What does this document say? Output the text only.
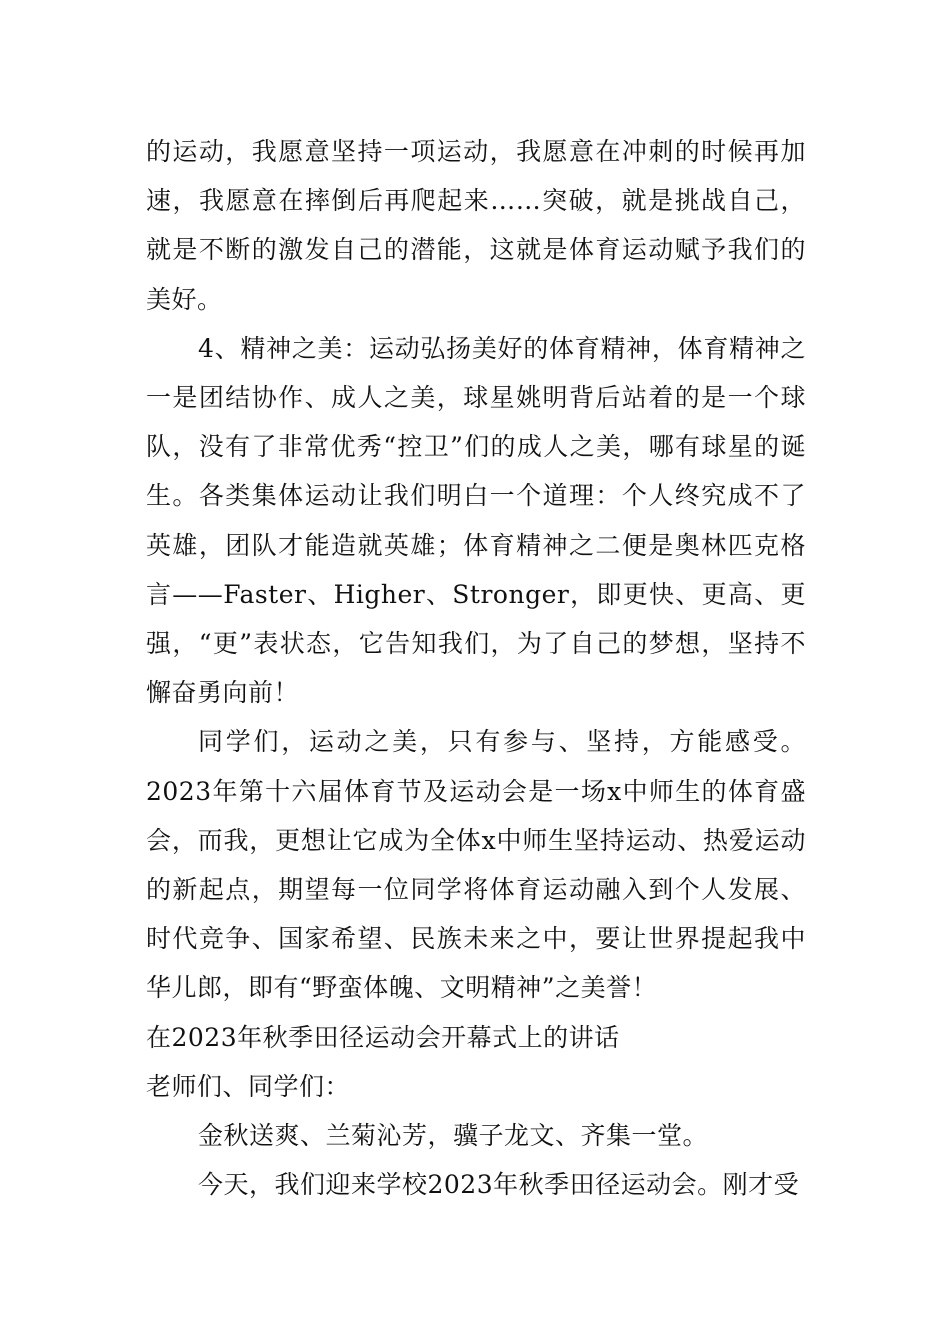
的运动，我愿意坚持一项运动，我愿意在冲刺的时候再加速，我愿意在摔倒后再爬起来……突破，就是挑战自己，就是不断的激发自己的潜能，这就是体育运动赋予我们的美好。

4、精神之美：运动弘扬美好的体育精神，体育精神之一是团结协作、成人之美，球星姚明背后站着的是一个球队，没有了非常优秀“控卫”们的成人之美，哪有球星的诞生。各类集体运动让我们明白一个道理：个人终究成不了英雄，团队才能造就英雄；体育精神之二便是奥林匹克格言——Faster、Higher、Stronger，即更快、更高、更强，“更”表状态，它告知我们，为了自己的梦想，坚持不懈奋勇向前！

同学们，运动之美，只有参与、坚持，方能感受。2023年第十六届体育节及运动会是一场x中师生的体育盛会，而我，更想让它成为全体x中师生坚持运动、热爱运动的新起点，期望每一位同学将体育运动融入到个人发展、时代竞争、国家希望、民族未来之中，要让世界提起我中华儿郎，即有“野蛮体魄、文明精神”之美誉！

在2023年秋季田径运动会开幕式上的讲话

老师们、同学们：

金秋送爽、兰菊沁芳，骥子龙文、齐集一堂。

今天，我们迎来学校2023年秋季田径运动会。刚才受
